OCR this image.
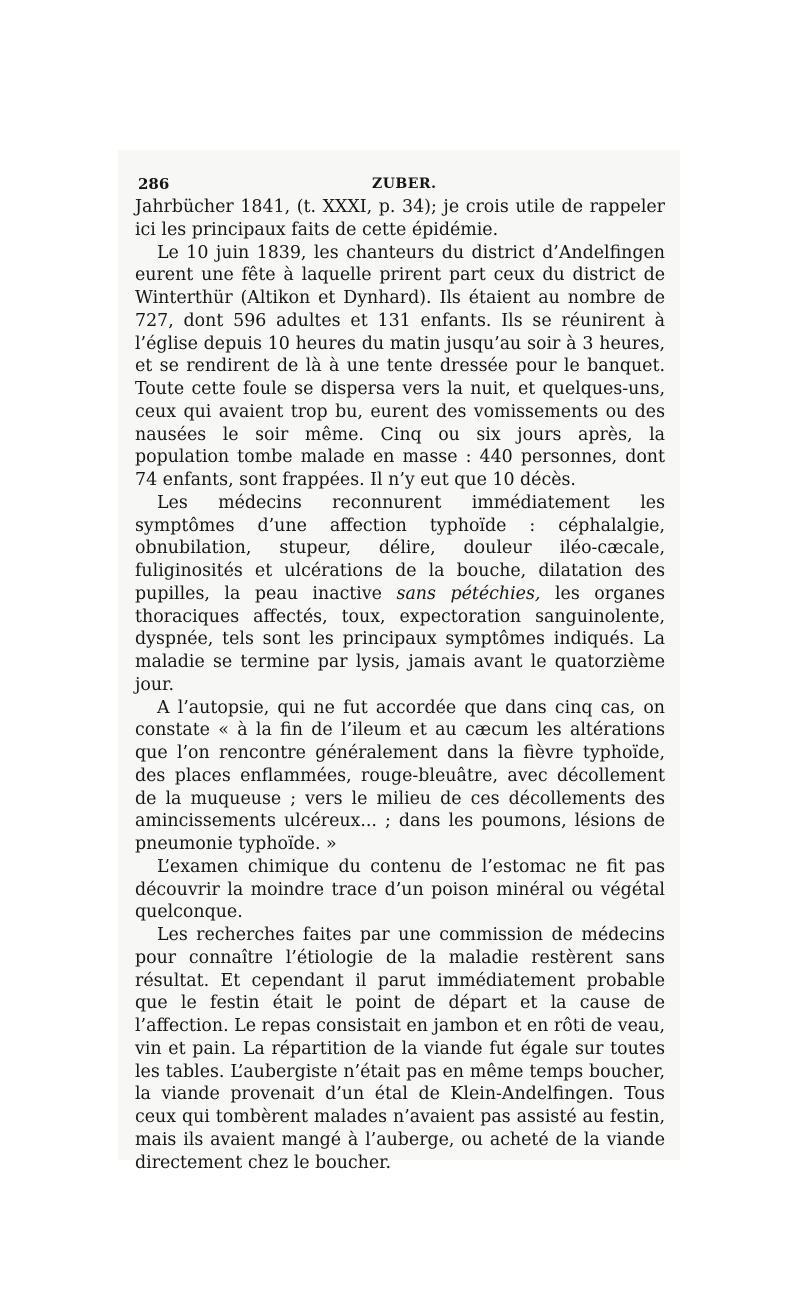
286	ZUBER.

Jahrbücher 1841, (t. XXXI, p. 34); je crois utile de rappeler ici les principaux faits de cette épidémie.

Le 10 juin 1839, les chanteurs du district d’Andelfingen eurent une fête à laquelle prirent part ceux du district de Winterthür (Altikon et Dynhard). Ils étaient au nombre de 727, dont 596 adultes et 131 enfants. Ils se réunirent à l’église depuis 10 heures du matin jusqu’au soir à 3 heures, et se rendirent de là à une tente dressée pour le banquet. Toute cette foule se dispersa vers la nuit, et quelques-uns, ceux qui avaient trop bu, eurent des vomissements ou des nausées le soir même. Cinq ou six jours après, la population tombe malade en masse : 440 personnes, dont 74 enfants, sont frappées. Il n’y eut que 10 décès.

Les médecins reconnurent immédiatement les symptômes d’une affection typhoïde : céphalalgie, obnubilation, stupeur, délire, douleur iléo-cæcale, fuliginosités et ulcérations de la bouche, dilatation des pupilles, la peau inactive sans pétéchies, les organes thoraciques affectés, toux, expectoration sanguinolente, dyspnée, tels sont les principaux symptômes indiqués. La maladie se termine par lysis, jamais avant le quatorzième jour.

A l’autopsie, qui ne fut accordée que dans cinq cas, on constate « à la fin de l’ileum et au cæcum les altérations que l’on rencontre généralement dans la fièvre typhoïde, des places enflammées, rouge-bleuâtre, avec décollement de la muqueuse ; vers le milieu de ces décollements des amincissements ulcéreux... ; dans les poumons, lésions de pneumonie typhoïde. »

L’examen chimique du contenu de l’estomac ne fit pas découvrir la moindre trace d’un poison minéral ou végétal quelconque.

Les recherches faites par une commission de médecins pour connaître l’étiologie de la maladie restèrent sans résultat. Et cependant il parut immédiatement probable que le festin était le point de départ et la cause de l’affection. Le repas consistait en jambon et en rôti de veau, vin et pain. La répartition de la viande fut égale sur toutes les tables. L’aubergiste n’était pas en même temps boucher, la viande provenait d’un étal de Klein-Andelfingen. Tous ceux qui tombèrent malades n’avaient pas assisté au festin, mais ils avaient mangé à l’auberge, ou acheté de la viande directement chez le boucher.
